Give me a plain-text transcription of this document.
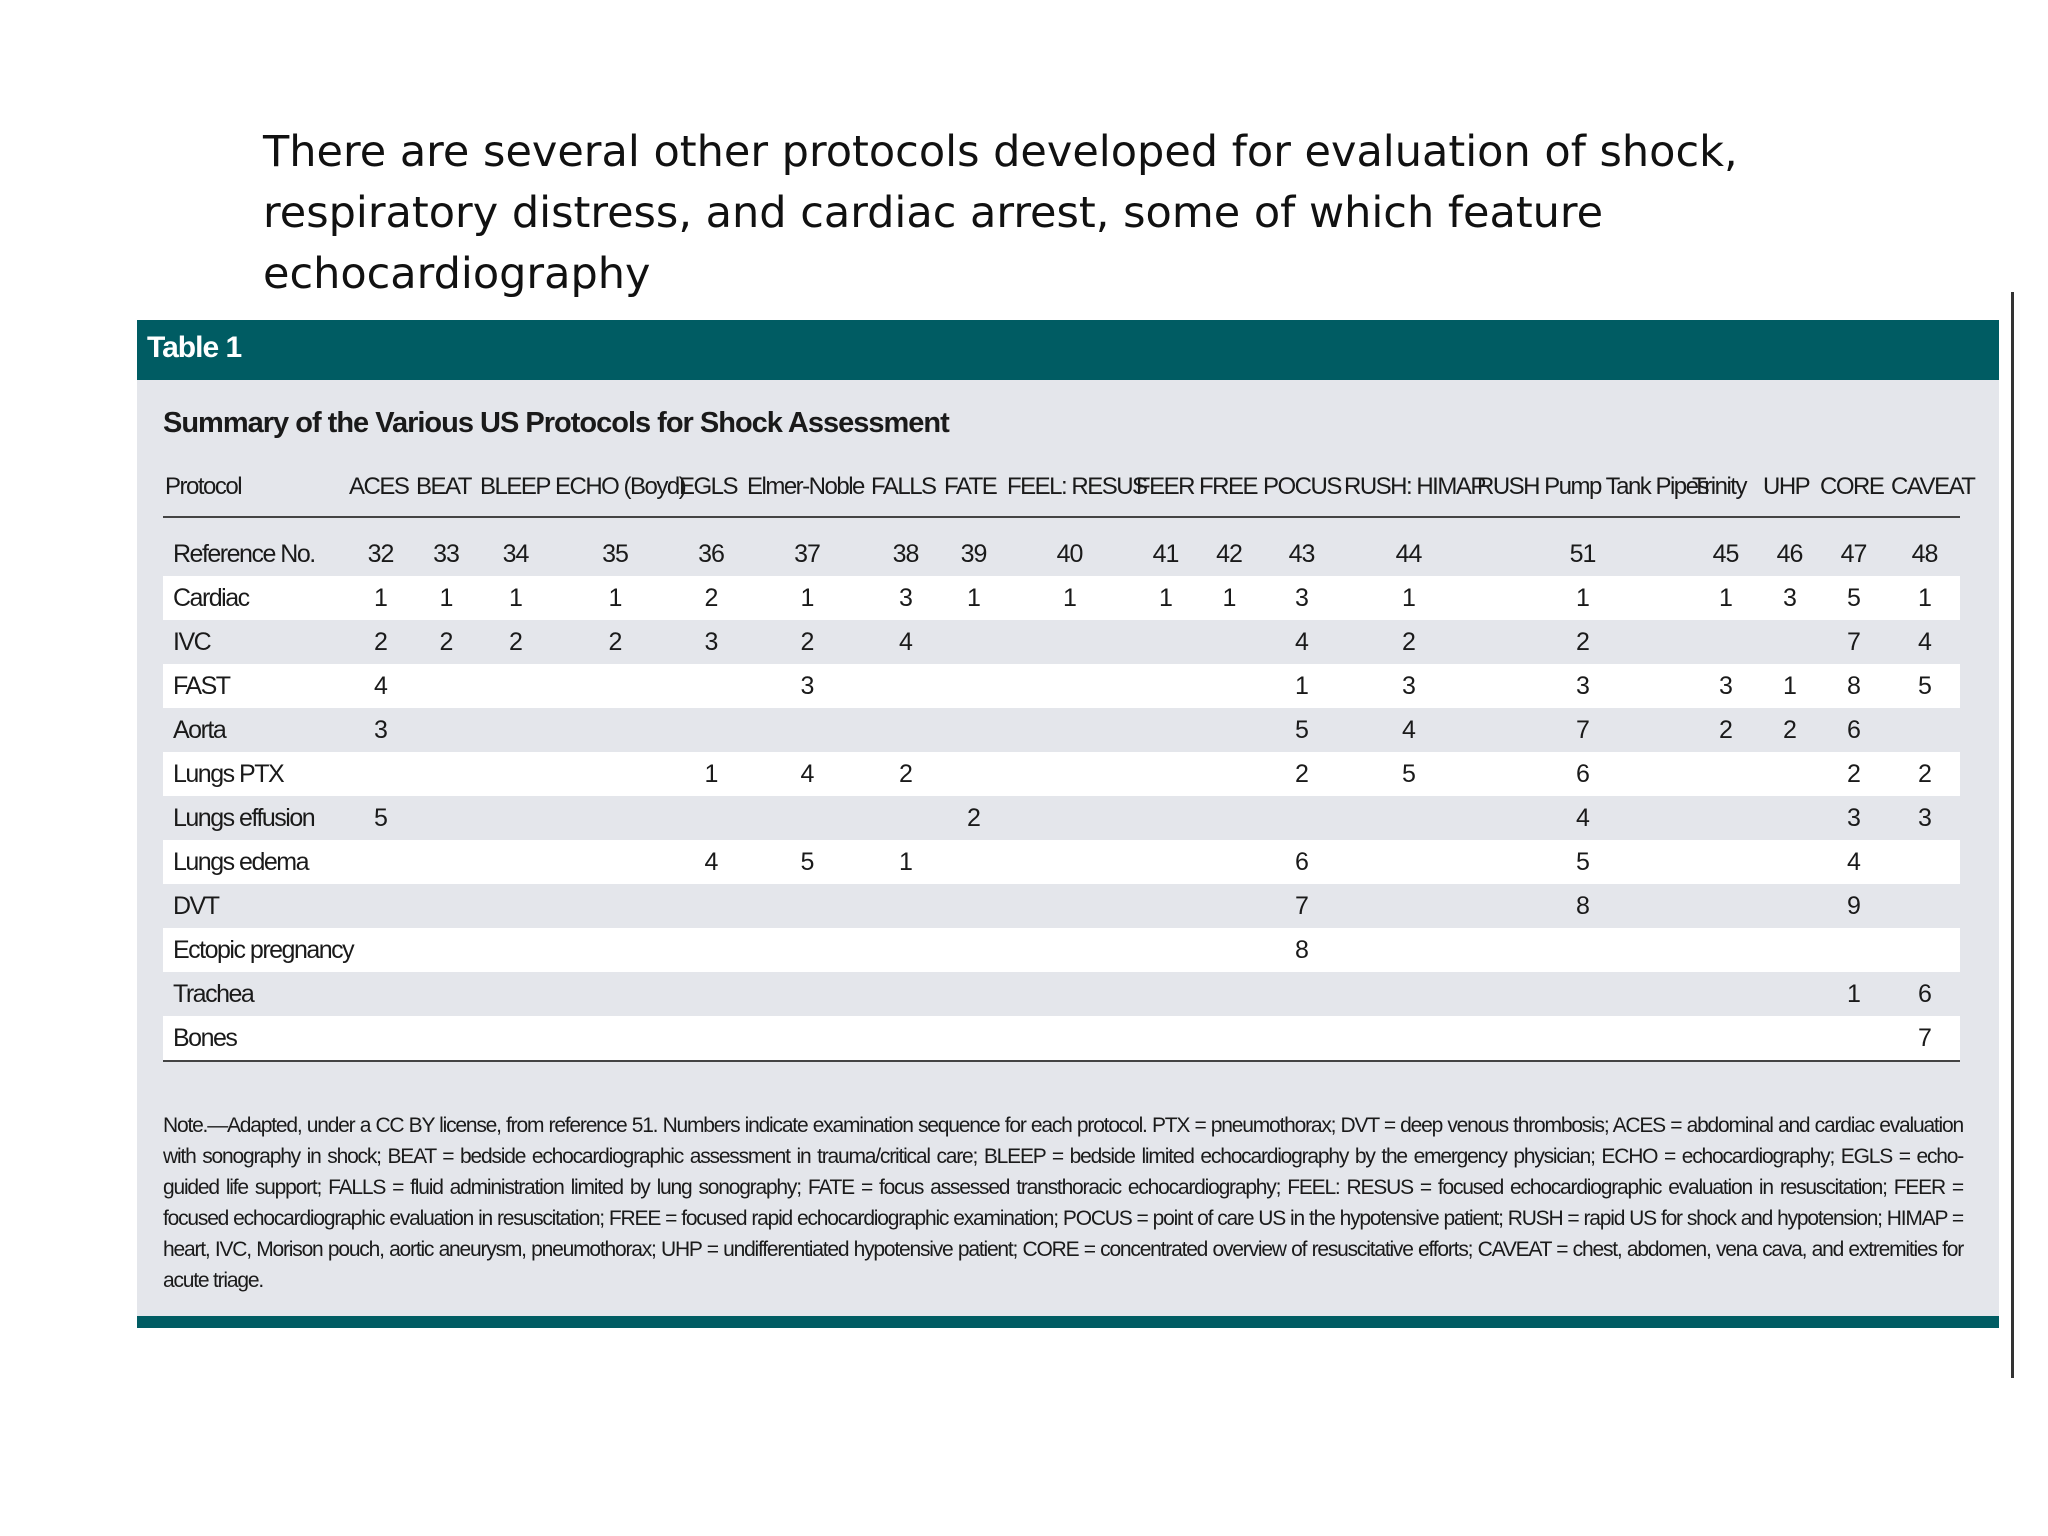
There are several other protocols developed for evaluation of shock, respiratory distress, and cardiac arrest, some of which feature echocardiography
Table 1
Summary of the Various US Protocols for Shock Assessment
Protocol	ACES	BEAT	BLEEP	ECHO (Boyd)	EGLS	Elmer-Noble	FALLS	FATE	FEEL: RESUS	FEER	FREE	POCUS	RUSH: HIMAP	RUSH Pump Tank Pipes	Trinity	UHP	CORE	CAVEAT

Reference No.	32	33	34	35	36	37	38	39	40	41	42	43	44	51	45	46	47	48
Cardiac	1	1	1	1	2	1	3	1	1	1	1	3	1	1	1	3	5	1
IVC	2	2	2	2	3	2	4					4	2	2			7	4
FAST	4					3						1	3	3	3	1	8	5
Aorta	3											5	4	7	2	2	6	
Lungs PTX					1	4	2					2	5	6			2	2
Lungs effusion	5							2						4			3	3
Lungs edema					4	5	1					6		5			4	
DVT												7		8			9	
Ectopic pregnancy												8						
Trachea																	1	6
Bones																		7
Note.—Adapted, under a CC BY license, from reference 51. Numbers indicate examination sequence for each protocol. PTX = pneumothorax; DVT = deep venous thrombosis; ACES = abdominal and cardiac evaluation with sonography in shock; BEAT = bedside echocardiographic assessment in trauma/critical care; BLEEP = bedside limited echocardiography by the emergency physician; ECHO = echocardiography; EGLS = echo-guided life support; FALLS = fluid administration limited by lung sonography; FATE = focus assessed transthoracic echocardiography; FEEL: RESUS = focused echocardiographic evaluation in resuscitation; FEER = focused echocardiographic evaluation in resuscitation; FREE = focused rapid echocardiographic examination; POCUS = point of care US in the hypotensive patient; RUSH = rapid US for shock and hypotension; HIMAP = heart, IVC, Morison pouch, aortic aneurysm, pneumothorax; UHP = undifferentiated hypotensive patient; CORE = concentrated overview of resuscitative efforts; CAVEAT = chest, abdomen, vena cava, and extremities for acute triage.
